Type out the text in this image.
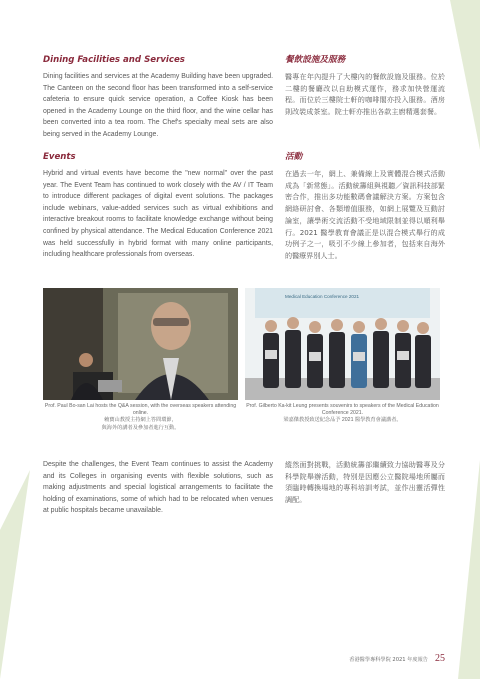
Dining Facilities and Services
Dining facilities and services at the Academy Building have been upgraded. The Canteen on the second floor has been transformed into a self-service cafeteria to ensure quick service operation, a Coffee Kiosk has been opened in the Academy Lounge on the third floor, and the wine cellar has been converted into a tea room. The Chef's specialty meal sets are also being served in the Academy Lounge.
Events
Hybrid and virtual events have become the "new normal" over the past year. The Event Team has continued to work closely with the AV / IT Team to introduce different packages of digital event solutions. The packages include webinars, value-added services such as virtual exhibitions and interactive breakout rooms to facilitate knowledge exchange without being confined by physical attendance. The Medical Education Conference 2021 was held successfully in hybrid format with many online participants, including healthcare professionals from overseas.
餐飲設施及服務
醫專在年內提升了大樓內的餐飲設施及服務。位於二樓的餐廳改以自助模式運作，務求加快營運流程。而位於三樓院士軒的咖啡閣亦投入服務。酒房則改裝成茶室。院士軒亦推出各款主廚精選套餐。
活動
在過去一年，網上、兼備線上及實體混合模式活動成為「新常態」。活動統籌組與視聽／資訊科技部緊密合作，推出多功能數碼會議解決方案。方案包含網絡研討會、各類增值服務，如網上展覽及互動討論室，讓學術交流活動不受地域限制並得以順利舉行。2021 醫學教育會議正是以混合模式舉行的成功例子之一，吸引不少線上參加者，包括來自海外的醫療界別人士。
Prof. Paul Bo-san Lai hosts the Q&A session, with the overseas speakers attending online.
賴寶山教授主持網上答問環節，
與海外的講者及參加者進行互動。
Medical Education Conference 2021
Prof. Gilberto Ka-kit Leung presents souvenirs to speakers of the Medical Education Conference 2021.
梁嘉傑教授致送紀念品予 2021 醫學教育會議講者。
Despite the challenges, the Event Team continues to assist the Academy and its Colleges in organising events with flexible solutions, such as making adjustments and special logistical arrangements to facilitate the holding of examinations, some of which had to be relocated when venues at public hospitals became unavailable.
縱然面對挑戰，活動統籌部繼續致力協助醫專及分科學院舉辦活動，特別是因應公立醫院場地所屬而須臨時轉換場地的專科培訓考試，並作出靈活彈性調配。
香港醫學專科學院 2021 年度報告 25
